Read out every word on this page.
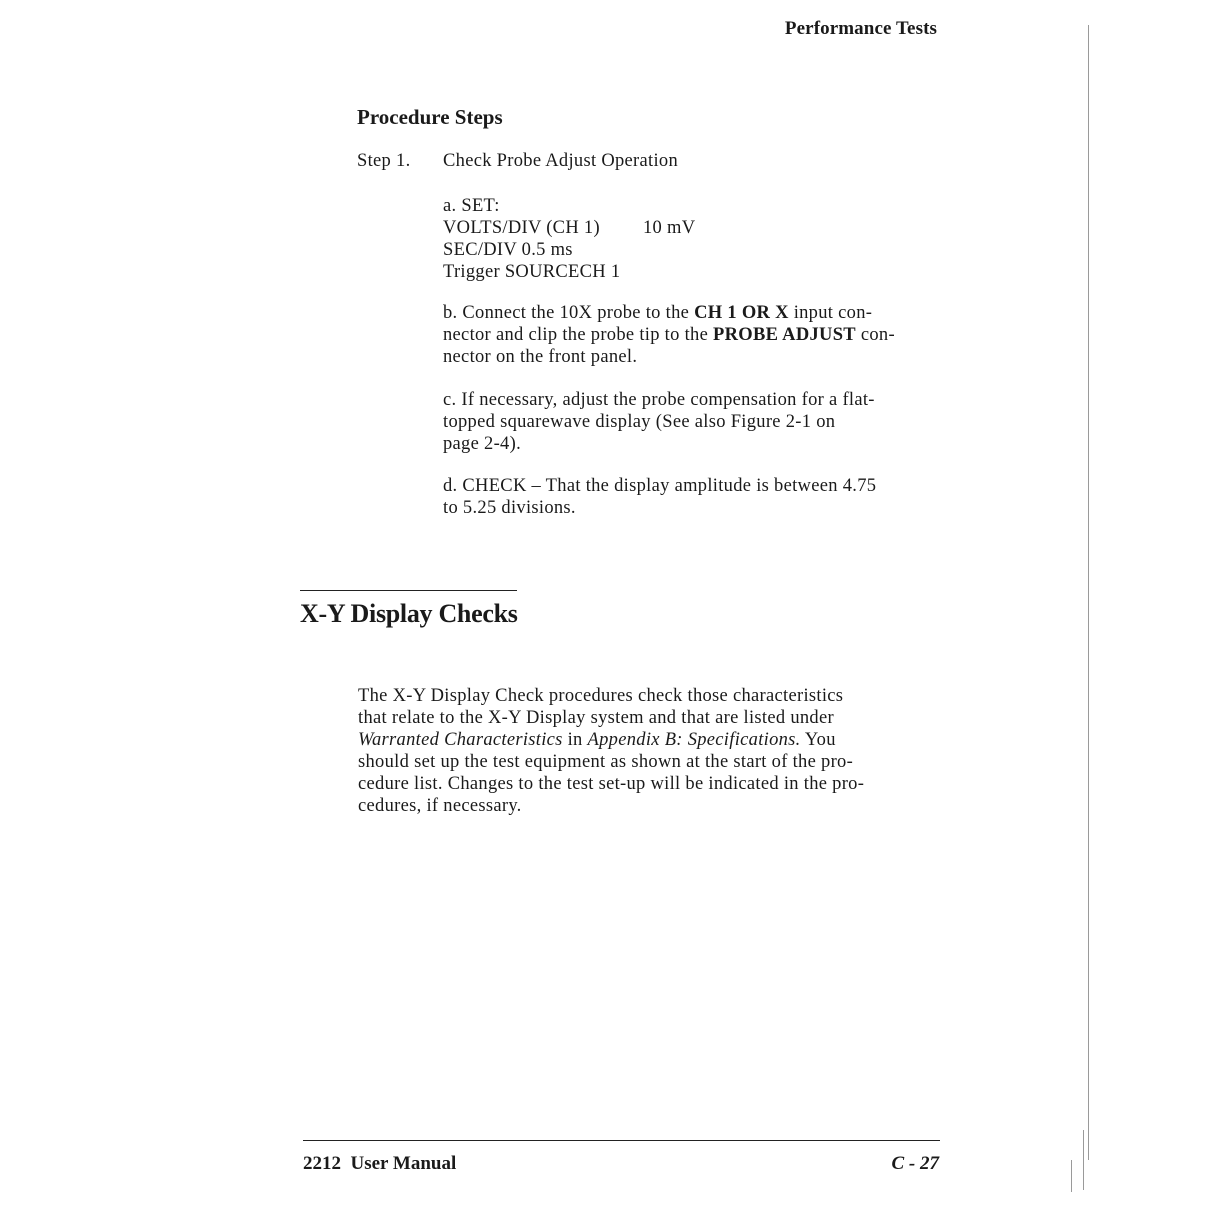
Performance Tests
Procedure Steps
Step 1. Check Probe Adjust Operation
a. SET:
VOLTS/DIV (CH 1) 10 mV
SEC/DIV 0.5 ms
Trigger SOURCECH 1
b. Connect the 10X probe to the CH 1 OR X input con-
nector and clip the probe tip to the PROBE ADJUST con-
nector on the front panel.
c. If necessary, adjust the probe compensation for a flat-
topped squarewave display (See also Figure 2-1 on
page 2-4).
d. CHECK – That the display amplitude is between 4.75
to 5.25 divisions.
X-Y Display Checks
The X-Y Display Check procedures check those characteristics
that relate to the X-Y Display system and that are listed under
Warranted Characteristics in Appendix B: Specifications. You
should set up the test equipment as shown at the start of the pro-
cedure list. Changes to the test set-up will be indicated in the pro-
cedures, if necessary.
2212  User Manual	C - 27
